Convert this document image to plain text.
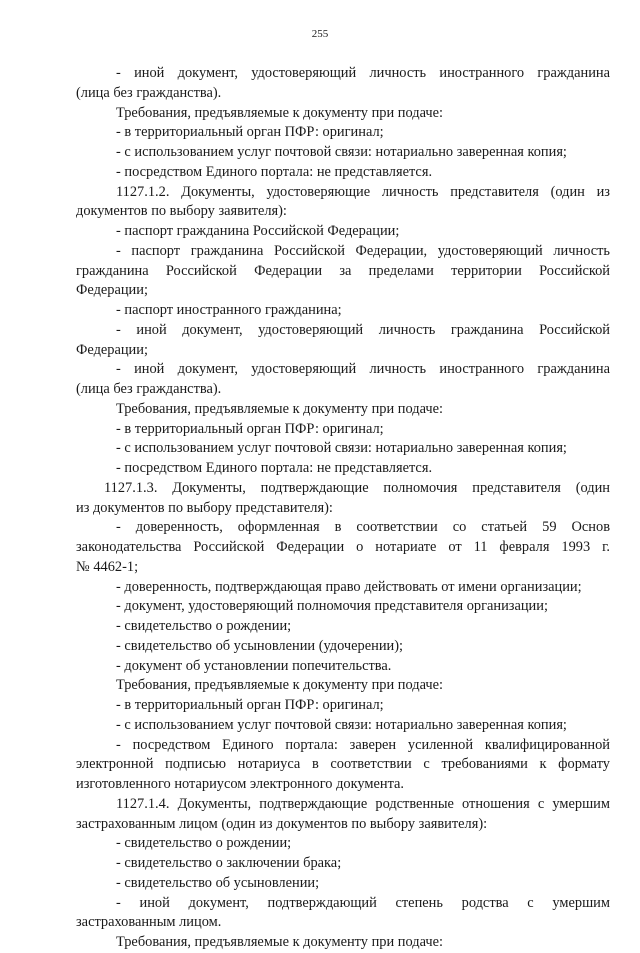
255
- иной документ, удостоверяющий личность иностранного гражданина
(лица без гражданства).
Требования, предъявляемые к документу при подаче:
- в территориальный орган ПФР: оригинал;
- с использованием услуг почтовой связи: нотариально заверенная копия;
- посредством Единого портала: не представляется.
1127.1.2. Документы, удостоверяющие личность представителя (один из
документов по выбору заявителя):
- паспорт гражданина Российской Федерации;
- паспорт гражданина Российской Федерации, удостоверяющий личность
гражданина Российской Федерации за пределами территории Российской
Федерации;
- паспорт иностранного гражданина;
- иной документ, удостоверяющий личность гражданина Российской
Федерации;
- иной документ, удостоверяющий личность иностранного гражданина
(лица без гражданства).
Требования, предъявляемые к документу при подаче:
- в территориальный орган ПФР: оригинал;
- с использованием услуг почтовой связи: нотариально заверенная копия;
- посредством Единого портала: не представляется.
1127.1.3. Документы, подтверждающие полномочия представителя (один
из документов по выбору представителя):
- доверенность, оформленная в соответствии со статьей 59 Основ
законодательства Российской Федерации о нотариате от 11 февраля 1993 г.
№ 4462-1;
- доверенность, подтверждающая право действовать от имени организации;
- документ, удостоверяющий полномочия представителя организации;
- свидетельство о рождении;
- свидетельство об усыновлении (удочерении);
- документ об установлении попечительства.
Требования, предъявляемые к документу при подаче:
- в территориальный орган ПФР: оригинал;
- с использованием услуг почтовой связи: нотариально заверенная копия;
- посредством Единого портала: заверен усиленной квалифицированной
электронной подписью нотариуса в соответствии с требованиями к формату
изготовленного нотариусом электронного документа.
1127.1.4. Документы, подтверждающие родственные отношения с умершим
застрахованным лицом (один из документов по выбору заявителя):
- свидетельство о рождении;
- свидетельство о заключении брака;
- свидетельство об усыновлении;
- иной документ, подтверждающий степень родства с умершим
застрахованным лицом.
Требования, предъявляемые к документу при подаче:
